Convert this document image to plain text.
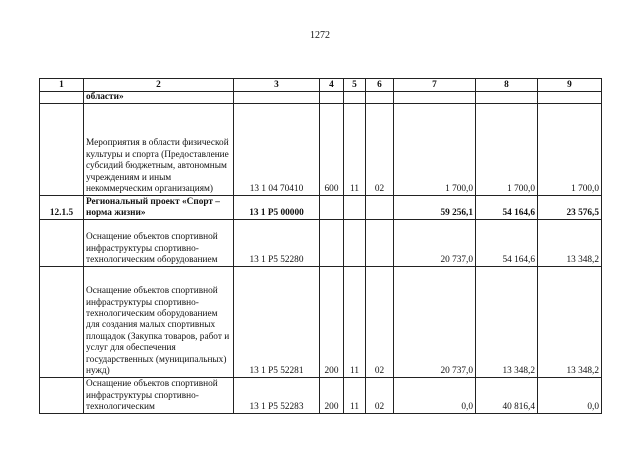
1272
1	2	3	4	5	6	7	8	9
	области»							
	Мероприятия в области физической культуры и спорта (Предоставление субсидий бюджетным, автономным учреждениям и иным некоммерческим организациям)	13 1 04 70410	600	11	02	1 700,0	1 700,0	1 700,0
12.1.5	Региональный проект «Спорт – норма жизни»	13 1 P5 00000				59 256,1	54 164,6	23 576,5
	Оснащение объектов спортивной инфраструктуры спортивно-технологическим оборудованием	13 1 P5 52280				20 737,0	54 164,6	13 348,2
	Оснащение объектов спортивной инфраструктуры спортивно-технологическим оборудованием для создания малых спортивных площадок (Закупка товаров, работ и услуг для обеспечения государственных (муниципальных) нужд)	13 1 P5 52281	200	11	02	20 737,0	13 348,2	13 348,2
	Оснащение объектов спортивной инфраструктуры спортивно-технологическим	13 1 P5 52283	200	11	02	0,0	40 816,4	0,0
